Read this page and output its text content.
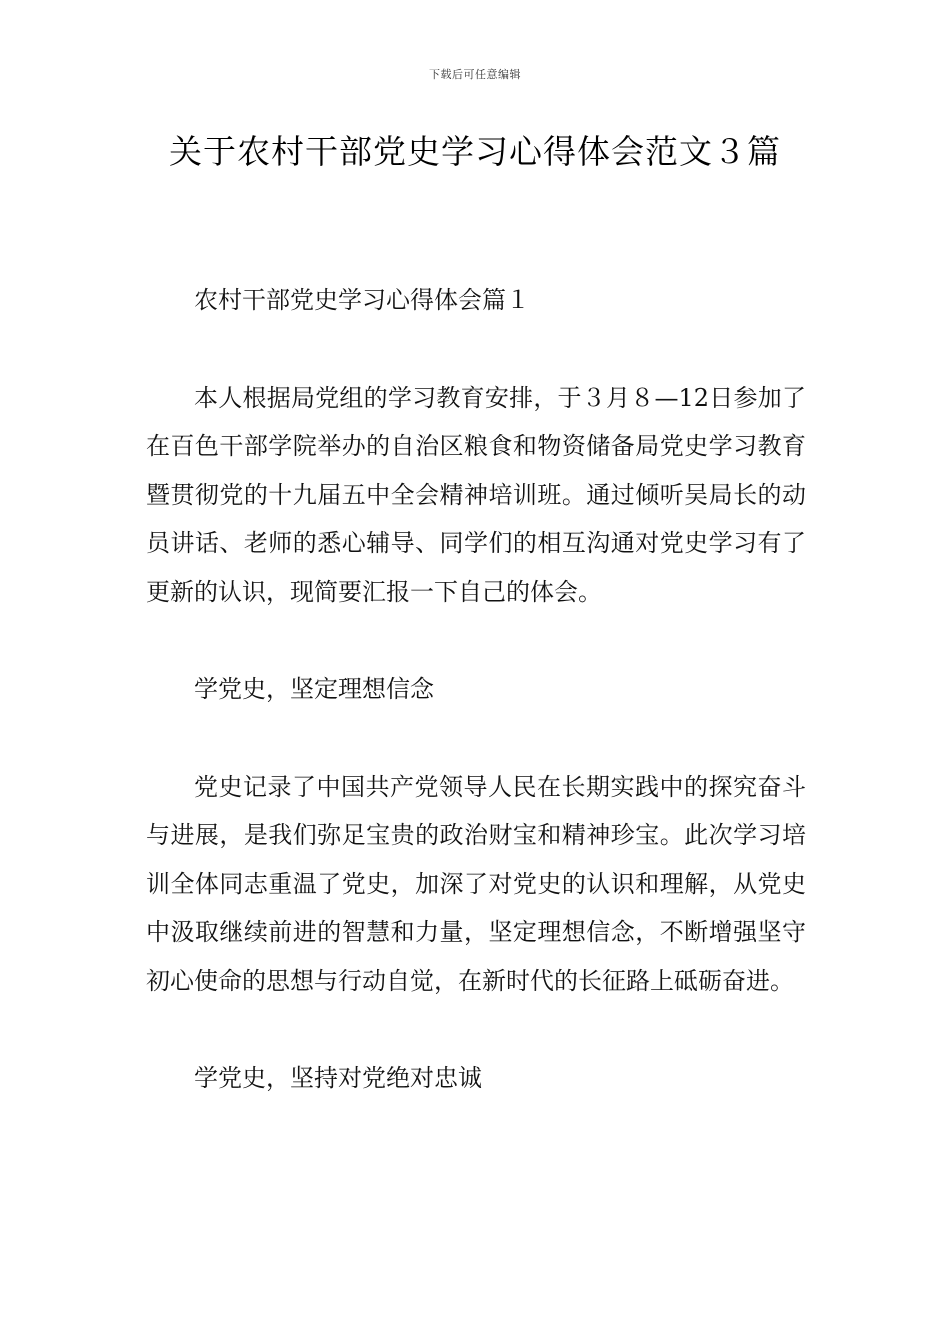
下载后可任意编辑
关于农村干部党史学习心得体会范文３篇

农村干部党史学习心得体会篇１

本人根据局党组的学习教育安排，于３月８—12日参加了在百色干部学院举办的自治区粮食和物资储备局党史学习教育暨贯彻党的十九届五中全会精神培训班。通过倾听吴局长的动员讲话、老师的悉心辅导、同学们的相互沟通对党史学习有了更新的认识，现简要汇报一下自己的体会。

学党史，坚定理想信念

党史记录了中国共产党领导人民在长期实践中的探究奋斗与进展，是我们弥足宝贵的政治财宝和精神珍宝。此次学习培训全体同志重温了党史，加深了对党史的认识和理解，从党史中汲取继续前进的智慧和力量，坚定理想信念，不断增强坚守初心使命的思想与行动自觉，在新时代的长征路上砥砺奋进。

学党史，坚持对党绝对忠诚
